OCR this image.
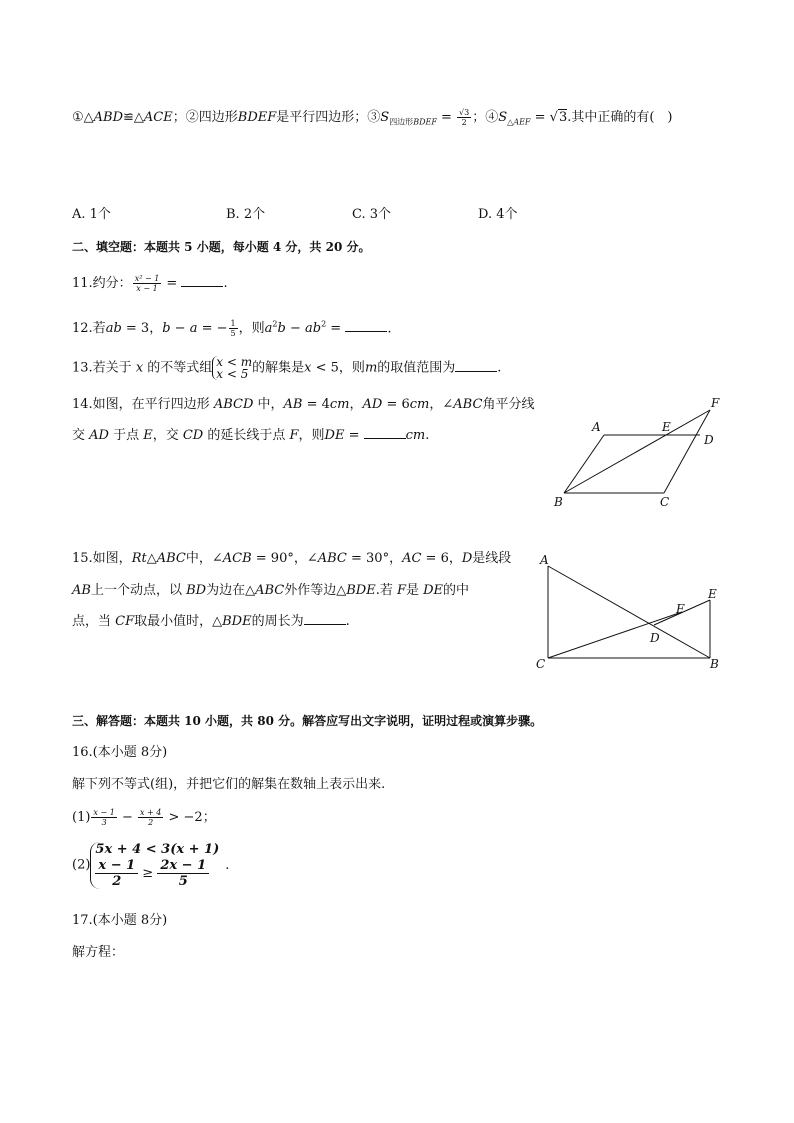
①△ABD≌△ACE；②四边形BDEF是平行四边形；$③S_{四边形BDEF} = \frac{√3}{2}$ ；$④S_{\triangle AEF} = √3$.其中正确的有(　)
A. 1个	B. 2个	C. 3个	D. 4个
二、填空题：本题共 5 小题，每小题 4 分，共 20 分。
11.约分： $\frac{\text{x² − 1}}{x - 1}$ =	.
12.若ab = 3，b − a = − $\frac{1}{5}$ ，则$a^2b - ab^2$ =	.
13.若关于 x 的不等式组 x < m
x < 5 的解集是x < 5，则m的取值范围为	.
14.如图，在平行四边形 ABCD 中，AB = 4cm，AD = 6cm，∠ABC角平分线
交 AD 于点 E，交 CD 的延长线于点 F，则DE =	cm.
A	E
D
F
B	C
15.如图，Rt△ABC中，∠ACB = 90°，∠ABC = 30°，AC = 6，D是线段
AB上一个动点，以 BD为边在△ABC外作等边△BDE.若 F是 DE的中
点，当 CF取最小值时，△BDE的周长为	.
A
E
F
D
C	B
三、解答题：本题共 10 小题，共 80 分。解答应写出文字说明，证明过程或演算步骤。
16.(本小题 8分)
解下列不等式(组)，并把它们的解集在数轴上表示出来.
$(1) \frac{x - 1}{3} - \frac{x + 4}{2} > -2$；
(2)
5x + 4 < 3(x + 1)
$\frac{x - 1}{2} \ge \frac{2x - 1}{5}$ .
17.(本小题 8分)
解方程：
